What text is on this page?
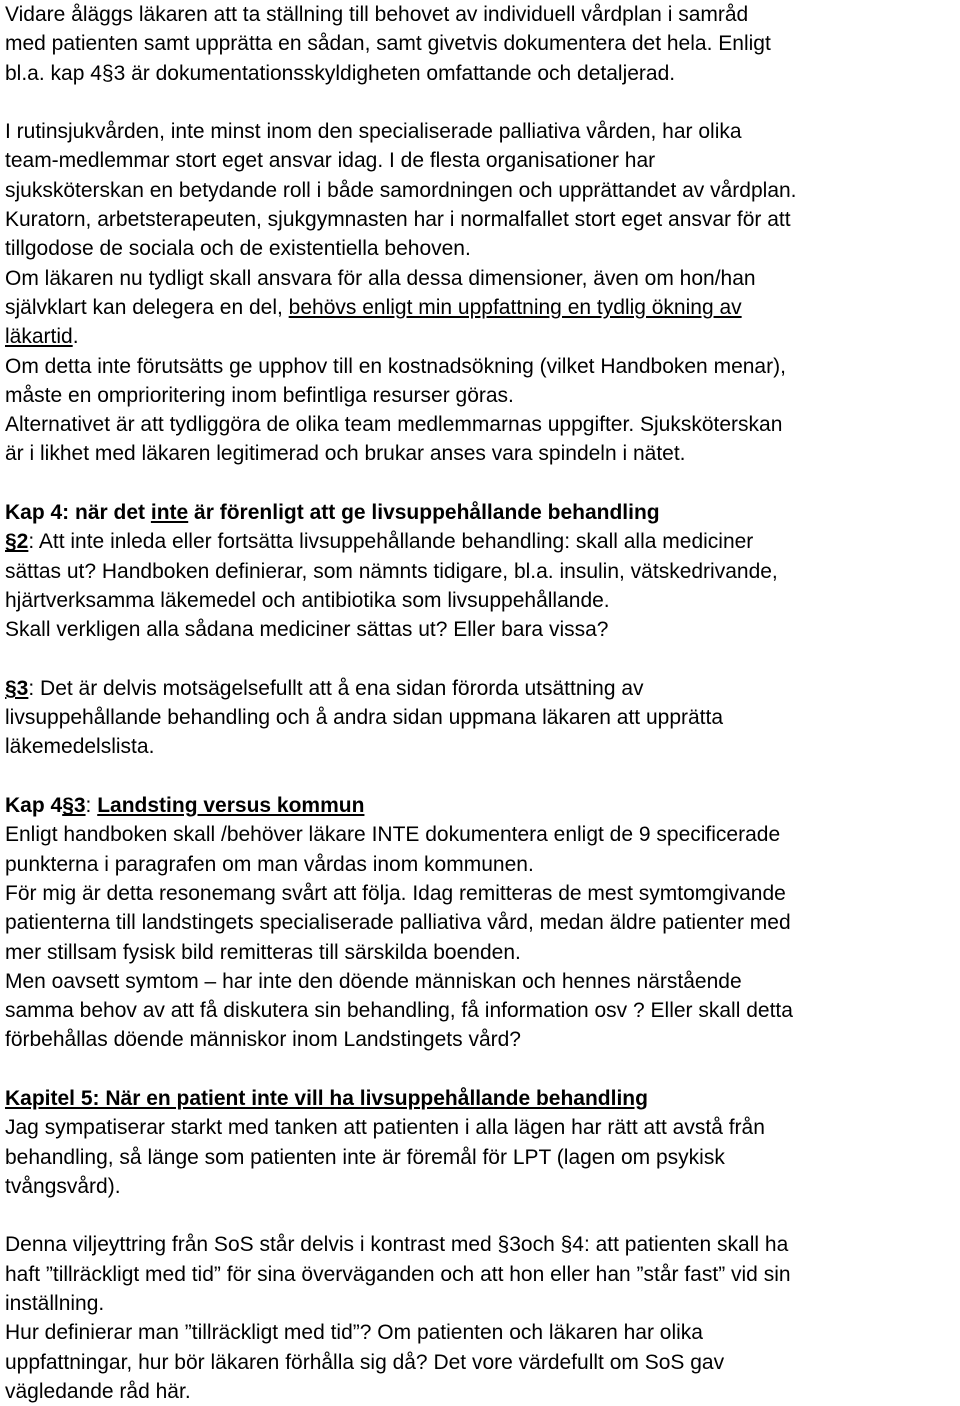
Vidare åläggs läkaren att ta ställning till behovet av individuell vårdplan i samråd
med patienten samt upprätta en sådan, samt givetvis dokumentera det hela. Enligt
bl.a. kap 4§3 är dokumentationsskyldigheten omfattande och detaljerad.
I rutinsjukvården, inte minst inom den specialiserade palliativa vården, har olika
team-medlemmar stort eget ansvar idag. I de flesta organisationer har
sjuksköterskan en betydande roll i både samordningen och upprättandet av vårdplan.
Kuratorn, arbetsterapeuten, sjukgymnasten har i normalfallet stort eget ansvar för att
tillgodose de sociala och de existentiella behoven.
Om läkaren nu tydligt skall ansvara för alla dessa dimensioner, även om hon/han
självklart kan delegera en del, behövs enligt min uppfattning en tydlig ökning av
läkartid.
Om detta inte förutsätts ge upphov till en kostnadsökning (vilket Handboken menar),
måste en omprioritering inom befintliga resurser göras.
Alternativet är att tydliggöra de olika team medlemmarnas uppgifter. Sjuksköterskan
är i likhet med läkaren legitimerad och brukar anses vara spindeln i nätet.
Kap 4: när det inte är förenligt att ge livsuppehållande behandling
§2: Att inte inleda eller fortsätta livsuppehållande behandling: skall alla mediciner
sättas ut? Handboken definierar, som nämnts tidigare, bl.a. insulin, vätskedrivande,
hjärtverksamma läkemedel och antibiotika som livsuppehållande.
Skall verkligen alla sådana mediciner sättas ut? Eller bara vissa?
§3: Det är delvis motsägelsefullt att å ena sidan förorda utsättning av
livsuppehållande behandling och å andra sidan uppmana läkaren att upprätta
läkemedelslista.
Kap 4§3: Landsting versus kommun
Enligt handboken skall /behöver läkare INTE dokumentera enligt de 9 specificerade
punkterna i paragrafen om man vårdas inom kommunen.
För mig är detta resonemang svårt att följa. Idag remitteras de mest symtomgivande
patienterna till landstingets specialiserade palliativa vård, medan äldre patienter med
mer stillsam fysisk bild remitteras till särskilda boenden.
Men oavsett symtom – har inte den döende människan och hennes närstående
samma behov av att få diskutera sin behandling, få information osv ? Eller skall detta
förbehållas döende människor inom Landstingets vård?
Kapitel 5: När en patient inte vill ha livsuppehållande behandling
Jag sympatiserar starkt med tanken att patienten i alla lägen har rätt att avstå från
behandling, så länge som patienten inte är föremål för LPT (lagen om psykisk
tvångsvård).
Denna viljeyttring från SoS står delvis i kontrast med §3och §4: att patienten skall ha
haft ”tillräckligt med tid” för sina överväganden och att hon eller han ”står fast” vid sin
inställning.
Hur definierar man ”tillräckligt med tid”? Om patienten och läkaren har olika
uppfattningar, hur bör läkaren förhålla sig då? Det vore värdefullt om SoS gav
vägledande råd här.
